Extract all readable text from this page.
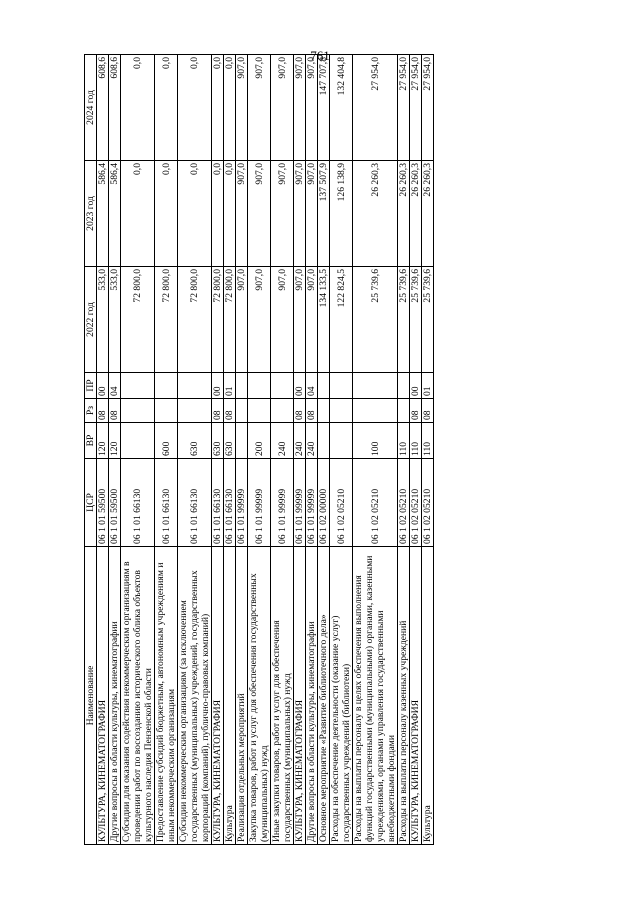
761
Наименование	ЦСР	ВР	Рз	ПР	2022 год	2023 год	2024 год
КУЛЬТУРА, КИНЕМАТОГРАФИЯ	06 1 01 59500	120	08	00	533,0	586,4	608,6
Другие вопросы в области культуры, кинематографии	06 1 01 59500	120	08	04	533,0	586,4	608,6
Субсидии для оказания содействия некоммерческим организациям в проведении работ по воссозданию исторического облика объектов культурного наследия Пензенской области	06 1 01 66130				72 800,0	0,0	0,0
Предоставление субсидий бюджетным, автономным учреждениям и иным некоммерческим организациям	06 1 01 66130	600			72 800,0	0,0	0,0
Субсидии некоммерческим организациям (за исключением государственных (муниципальных) учреждений, государственных корпораций (компаний), публично-правовых компаний)	06 1 01 66130	630			72 800,0	0,0	0,0
КУЛЬТУРА, КИНЕМАТОГРАФИЯ	06 1 01 66130	630	08	00	72 800,0	0,0	0,0
Культура	06 1 01 66130	630	08	01	72 800,0	0,0	0,0
Реализация отдельных мероприятий	06 1 01 99999				907,0	907,0	907,0
Закупка товаров, работ и услуг для обеспечения государственных (муниципальных) нужд	06 1 01 99999	200			907,0	907,0	907,0
Иные закупки товаров, работ и услуг для обеспечения государственных (муниципальных) нужд	06 1 01 99999	240			907,0	907,0	907,0
КУЛЬТУРА, КИНЕМАТОГРАФИЯ	06 1 01 99999	240	08	00	907,0	907,0	907,0
Другие вопросы в области культуры, кинематографии	06 1 01 99999	240	08	04	907,0	907,0	907,0
Основное мероприятие «Развитие библиотечного дела»	06 1 02 00000				134 133,5	137 507,9	147 707,8
Расходы на обеспечение деятельности (оказание услуг) государственных учреждений (библиотеки)	06 1 02 05210				122 824,5	126 138,9	132 404,8
Расходы на выплаты персоналу в целях обеспечения выполнения функций государственными (муниципальными) органами, казенными учреждениями, органами управления государственными внебюджетными фондами	06 1 02 05210	100			25 739,6	26 260,3	27 954,0
Расходы на выплаты персоналу казенных учреждений	06 1 02 05210	110			25 739,6	26 260,3	27 954,0
КУЛЬТУРА, КИНЕМАТОГРАФИЯ	06 1 02 05210	110	08	00	25 739,6	26 260,3	27 954,0
Культура	06 1 02 05210	110	08	01	25 739,6	26 260,3	27 954,0
